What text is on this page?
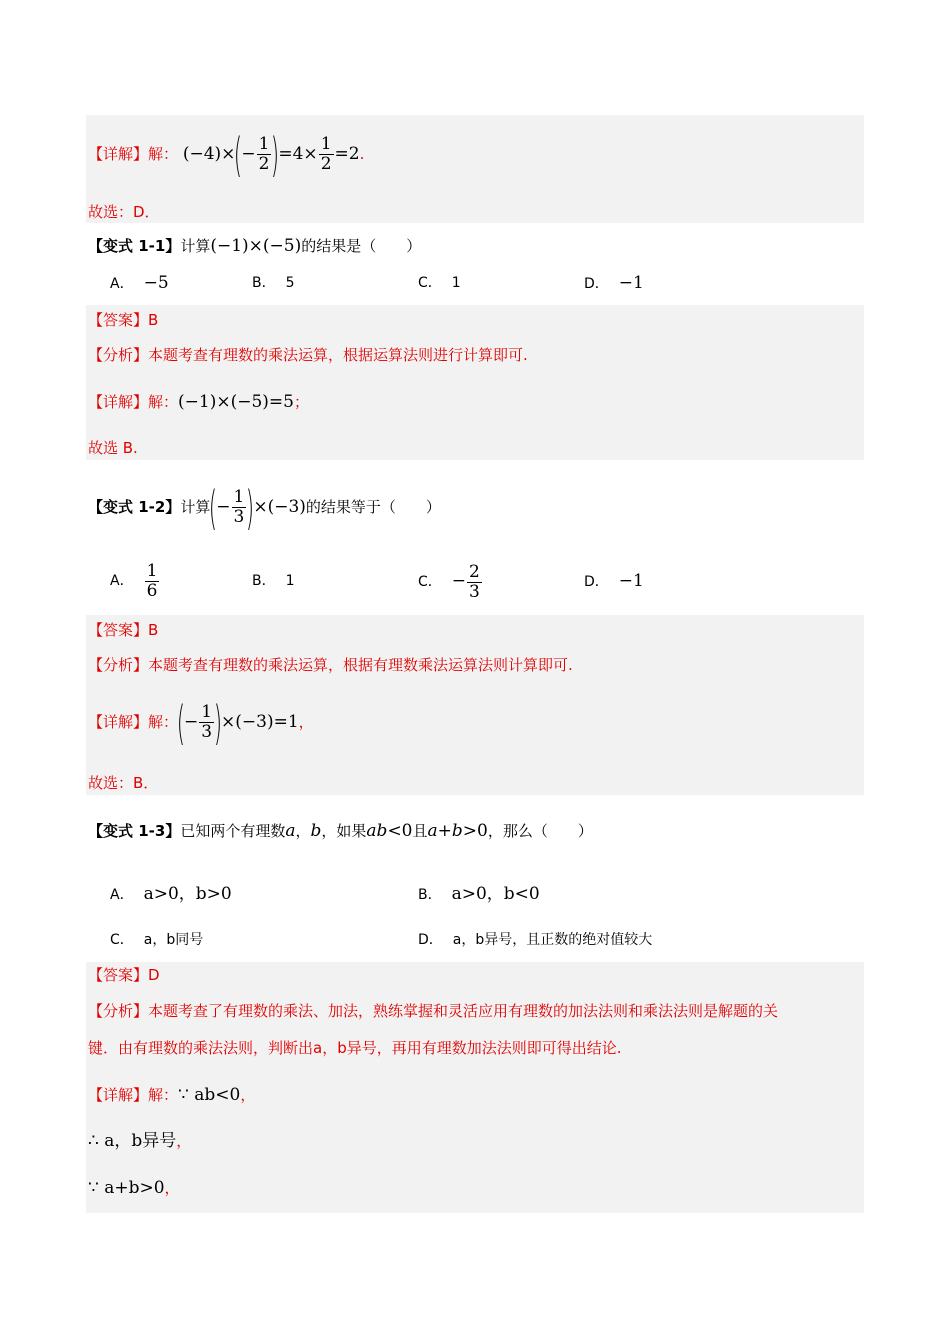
【详解】解： $(-4)\times(- \frac{1}{2} )=4\times \frac{1}{2} =2$.
故选：D．
【变式 1-1】计算(−1)×(−5)的结果是（　　）
A． −5	B． 5	C． 1	D． −1
【答案】B
【分析】本题考查有理数的乘法运算，根据运算法则进行计算即可.
【详解】解：(−1)×(−5)=5；
故选 B.
【变式 1-2】计算(− $\frac{1}{3} )\times(-3)$的结果等于（　　）
A． $\frac{1}{6}$	B． 1	C． − $\frac{2}{3}$	D． −1
【答案】B
【分析】本题考查有理数的乘法运算，根据有理数乘法运算法则计算即可.
【详解】解：(− $\frac{1}{3} )\times(-3)=1$，
故选：B．
【变式 1-3】已知两个有理数a，b，如果ab<0且a+b>0，那么（　　）
A． a>0，b>0	B． a>0，b<0
C． a，b同号	D． a，b异号，且正数的绝对值较大
【答案】D
【分析】本题考查了有理数的乘法、加法，熟练掌握和灵活应用有理数的加法法则和乘法法则是解题的关
键．由有理数的乘法法则，判断出a，b异号，再用有理数加法法则即可得出结论.
【详解】解：∵ ab<0，
∴ a，b异号，
∵ a+b>0，
